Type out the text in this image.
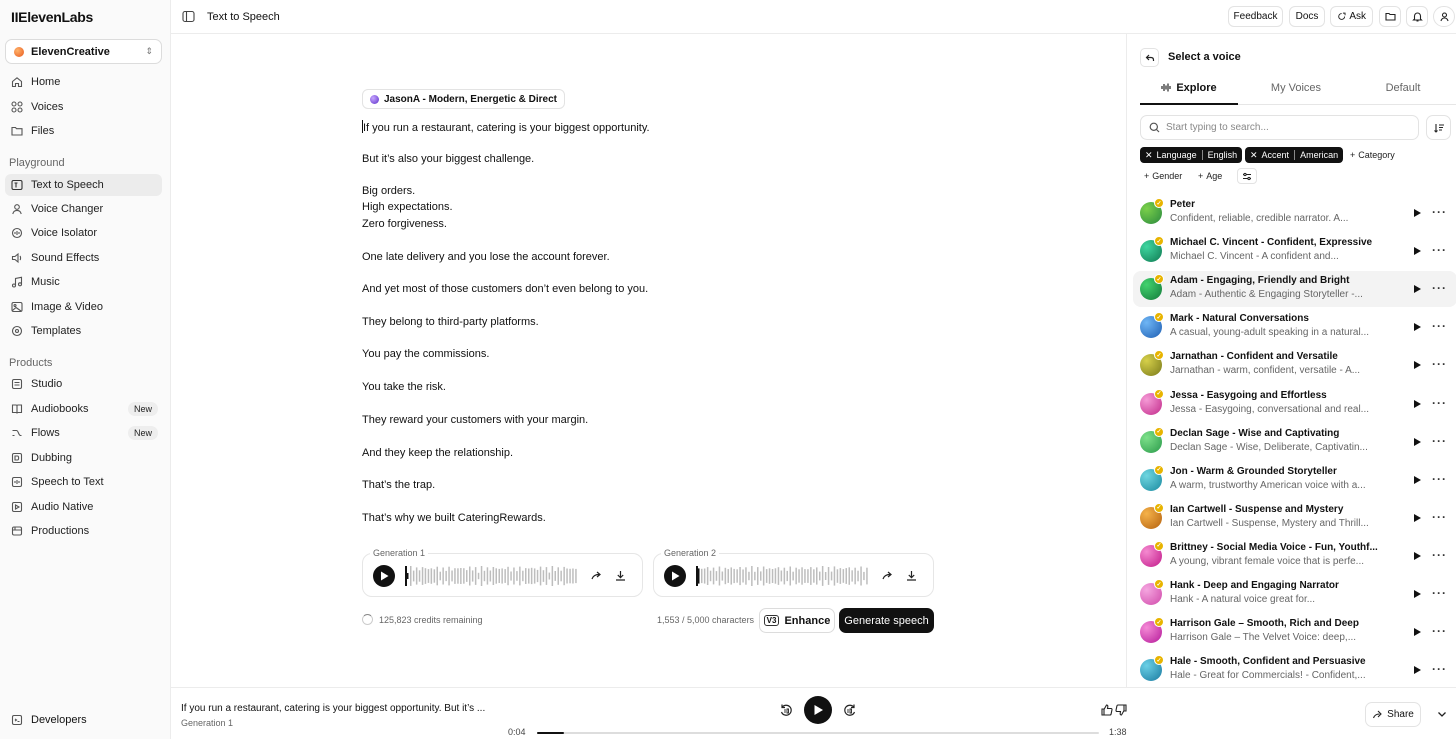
IIElevenLabs
ElevenCreative	⇕
Home
Voices
Files
Playground
Text to Speech
Voice Changer
Voice Isolator
Sound Effects
Music
Image & Video
Templates
Products
Studio
Audiobooks	New
Flows	New
Dubbing
Speech to Text
Audio Native
Productions
Developers
Text to Speech	Feedback	Docs	Ask
JasonA - Modern, Energetic & Direct
If you run a restaurant, catering is your biggest opportunity.
But it’s also your biggest challenge.
Big orders.
High expectations.
Zero forgiveness.
One late delivery and you lose the account forever.
And yet most of those customers don’t even belong to you.
They belong to third-party platforms.
You pay the commissions.
You take the risk.
They reward your customers with your margin.
And they keep the relationship.
That’s the trap.
That’s why we built CateringRewards.
Generation 1	Generation 2
125,823 credits remaining	1,553 / 5,000 characters	V3 Enhance	Generate speech
Select a voice
Explore	My Voices	Default
Start typing to search...
✕ Language English ✕ Accent American + Category
+ Gender + Age
✓ Peter
Confident, reliable, credible narrator. A...	···
✓ Michael C. Vincent - Confident, Expressive
Michael C. Vincent - A confident and...	···
✓ Adam - Engaging, Friendly and Bright
Adam - Authentic & Engaging Storyteller -...	···
✓ Mark - Natural Conversations
A casual, young-adult speaking in a natural...	···
✓ Jarnathan - Confident and Versatile
Jarnathan - warm, confident, versatile - A...	···
✓ Jessa - Easygoing and Effortless
Jessa - Easygoing, conversational and real...	···
✓ Declan Sage - Wise and Captivating
Declan Sage - Wise, Deliberate, Captivatin...	···
✓ Jon - Warm & Grounded Storyteller
A warm, trustworthy American voice with a...	···
✓ Ian Cartwell - Suspense and Mystery
Ian Cartwell - Suspense, Mystery and Thrill...	···
✓ Brittney - Social Media Voice - Fun, Youthf...
A young, vibrant female voice that is perfe...	···
✓ Hank - Deep and Engaging Narrator
Hank - A natural voice great for...	···
✓ Harrison Gale – Smooth, Rich and Deep
Harrison Gale – The Velvet Voice: deep,...	···
✓ Hale - Smooth, Confident and Persuasive
Hale - Great for Commercials! - Confident,...	···
If you run a restaurant, catering is your biggest opportunity. But it’s ...
Generation 1
0:04	1:38
Share
